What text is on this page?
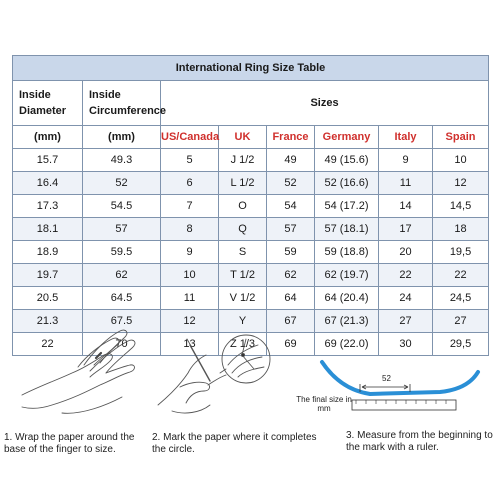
International Ring Size Table							
Inside Diameter	Inside Circumference	Sizes					
(mm)	(mm)	US/Canada	UK	France	Germany	Italy	Spain
15.7	49.3	5	J 1/2	49	49 (15.6)	9	10
16.4	52	6	L 1/2	52	52 (16.6)	11	12
17.3	54.5	7	O	54	54 (17.2)	14	14,5
18.1	57	8	Q	57	57 (18.1)	17	18
18.9	59.5	9	S	59	59 (18.8)	20	19,5
19.7	62	10	T 1/2	62	62 (19.7)	22	22
20.5	64.5	11	V 1/2	64	64 (20.4)	24	24,5
21.3	67.5	12	Y	67	67 (21.3)	27	27
22	70	13	Z 1/3	69	69 (22.0)	30	29,5
52
The final size in mm
1. Wrap the paper around the base of the finger to size.
2. Mark the paper where it completes the circle.
3. Measure from the beginning to the mark with a ruler.
